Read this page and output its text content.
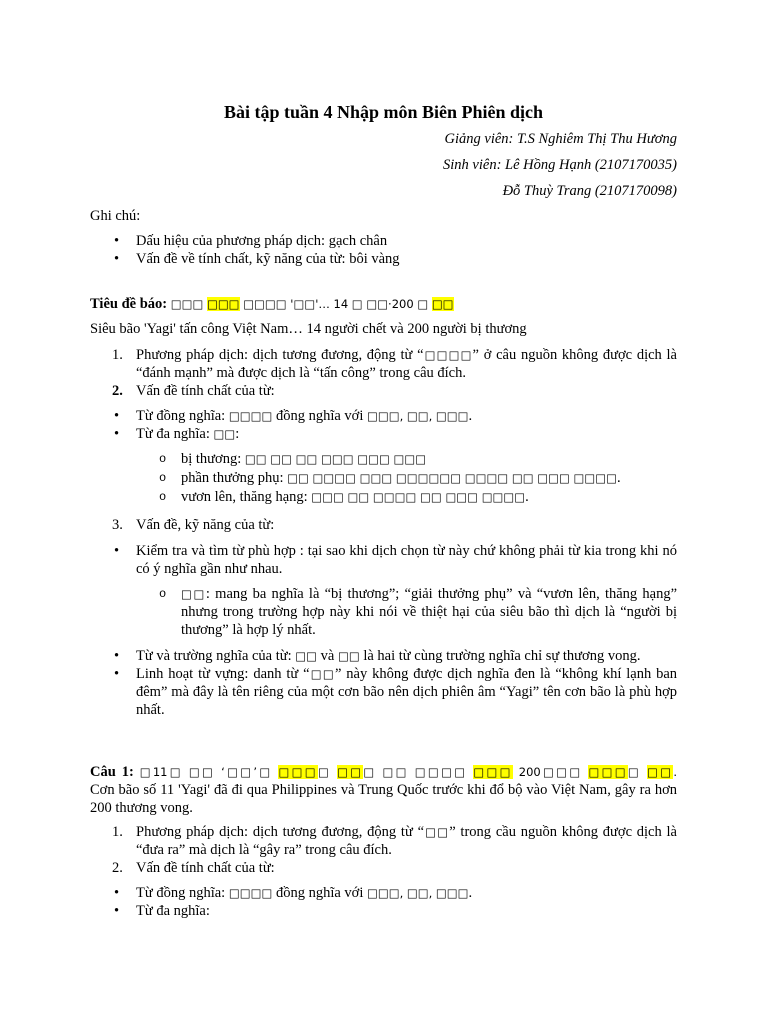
Bài tập tuần 4 Nhập môn Biên Phiên dịch
Giảng viên: T.S Nghiêm Thị Thu Hương
Sinh viên: Lê Hồng Hạnh (2107170035)
Đỗ Thuỳ Trang (2107170098)
Ghi chú:
• Dấu hiệu của phương pháp dịch: gạch chân
• Vấn đề về tính chất, kỹ năng của từ: bôi vàng
Tiêu đề báo: □□□ □□□ □□□□ '□□'… 14 □ □□·200 □ □□
Siêu bão 'Yagi' tấn công Việt Nam… 14 người chết và 200 người bị thương
1. Phương pháp dịch: dịch tương đương, động từ “□□□□” ở câu nguồn không được dịch là “đánh mạnh” mà được dịch là “tấn công” trong câu đích.
2. Vấn đề tính chất của từ:
• Từ đồng nghĩa: □□□□ đồng nghĩa với □□□, □□, □□□.
• Từ đa nghĩa: □□:
o bị thương: □□ □□ □□ □□□ □□□ □□□
o phần thưởng phụ: □□ □□□□ □□□ □□□□□□ □□□□ □□ □□□ □□□□.
o vươn lên, thăng hạng: □□□ □□ □□□□ □□ □□□ □□□□.
3. Vấn đề, kỹ năng của từ:
• Kiểm tra và tìm từ phù hợp : tại sao khi dịch chọn từ này chứ không phải từ kia trong khi nó có ý nghĩa gần như nhau.
o □□: mang ba nghĩa là “bị thương”; “giải thưởng phụ” và “vươn lên, thăng hạng” nhưng trong trường hợp này khi nói về thiệt hại của siêu bão thì dịch là “người bị thương” là hợp lý nhất.
• Từ và trường nghĩa của từ: □□ và □□ là hai từ cùng trường nghĩa chỉ sự thương vong.
• Linh hoạt từ vựng: danh từ “□□” này không được dịch nghĩa đen là “không khí lạnh ban đêm” mà đây là tên riêng của một cơn bão nên dịch phiên âm “Yagi” tên cơn bão là phù hợp nhất.
Câu 1: □11□ □□ ‘□□’□ □□□□ □□□ □□ □□□□ □□□ 200□□□ □□□□ □□.
Cơn bão số 11 'Yagi' đã đi qua Philippines và Trung Quốc trước khi đổ bộ vào Việt Nam, gây ra hơn 200 thương vong.
1. Phương pháp dịch: dịch tương đương, động từ “□□” trong cầu nguồn không được dịch là “đưa ra” mà dịch là “gây ra” trong câu đích.
2. Vấn đề tính chất của từ:
• Từ đồng nghĩa: □□□□ đồng nghĩa với □□□, □□, □□□.
• Từ đa nghĩa:
